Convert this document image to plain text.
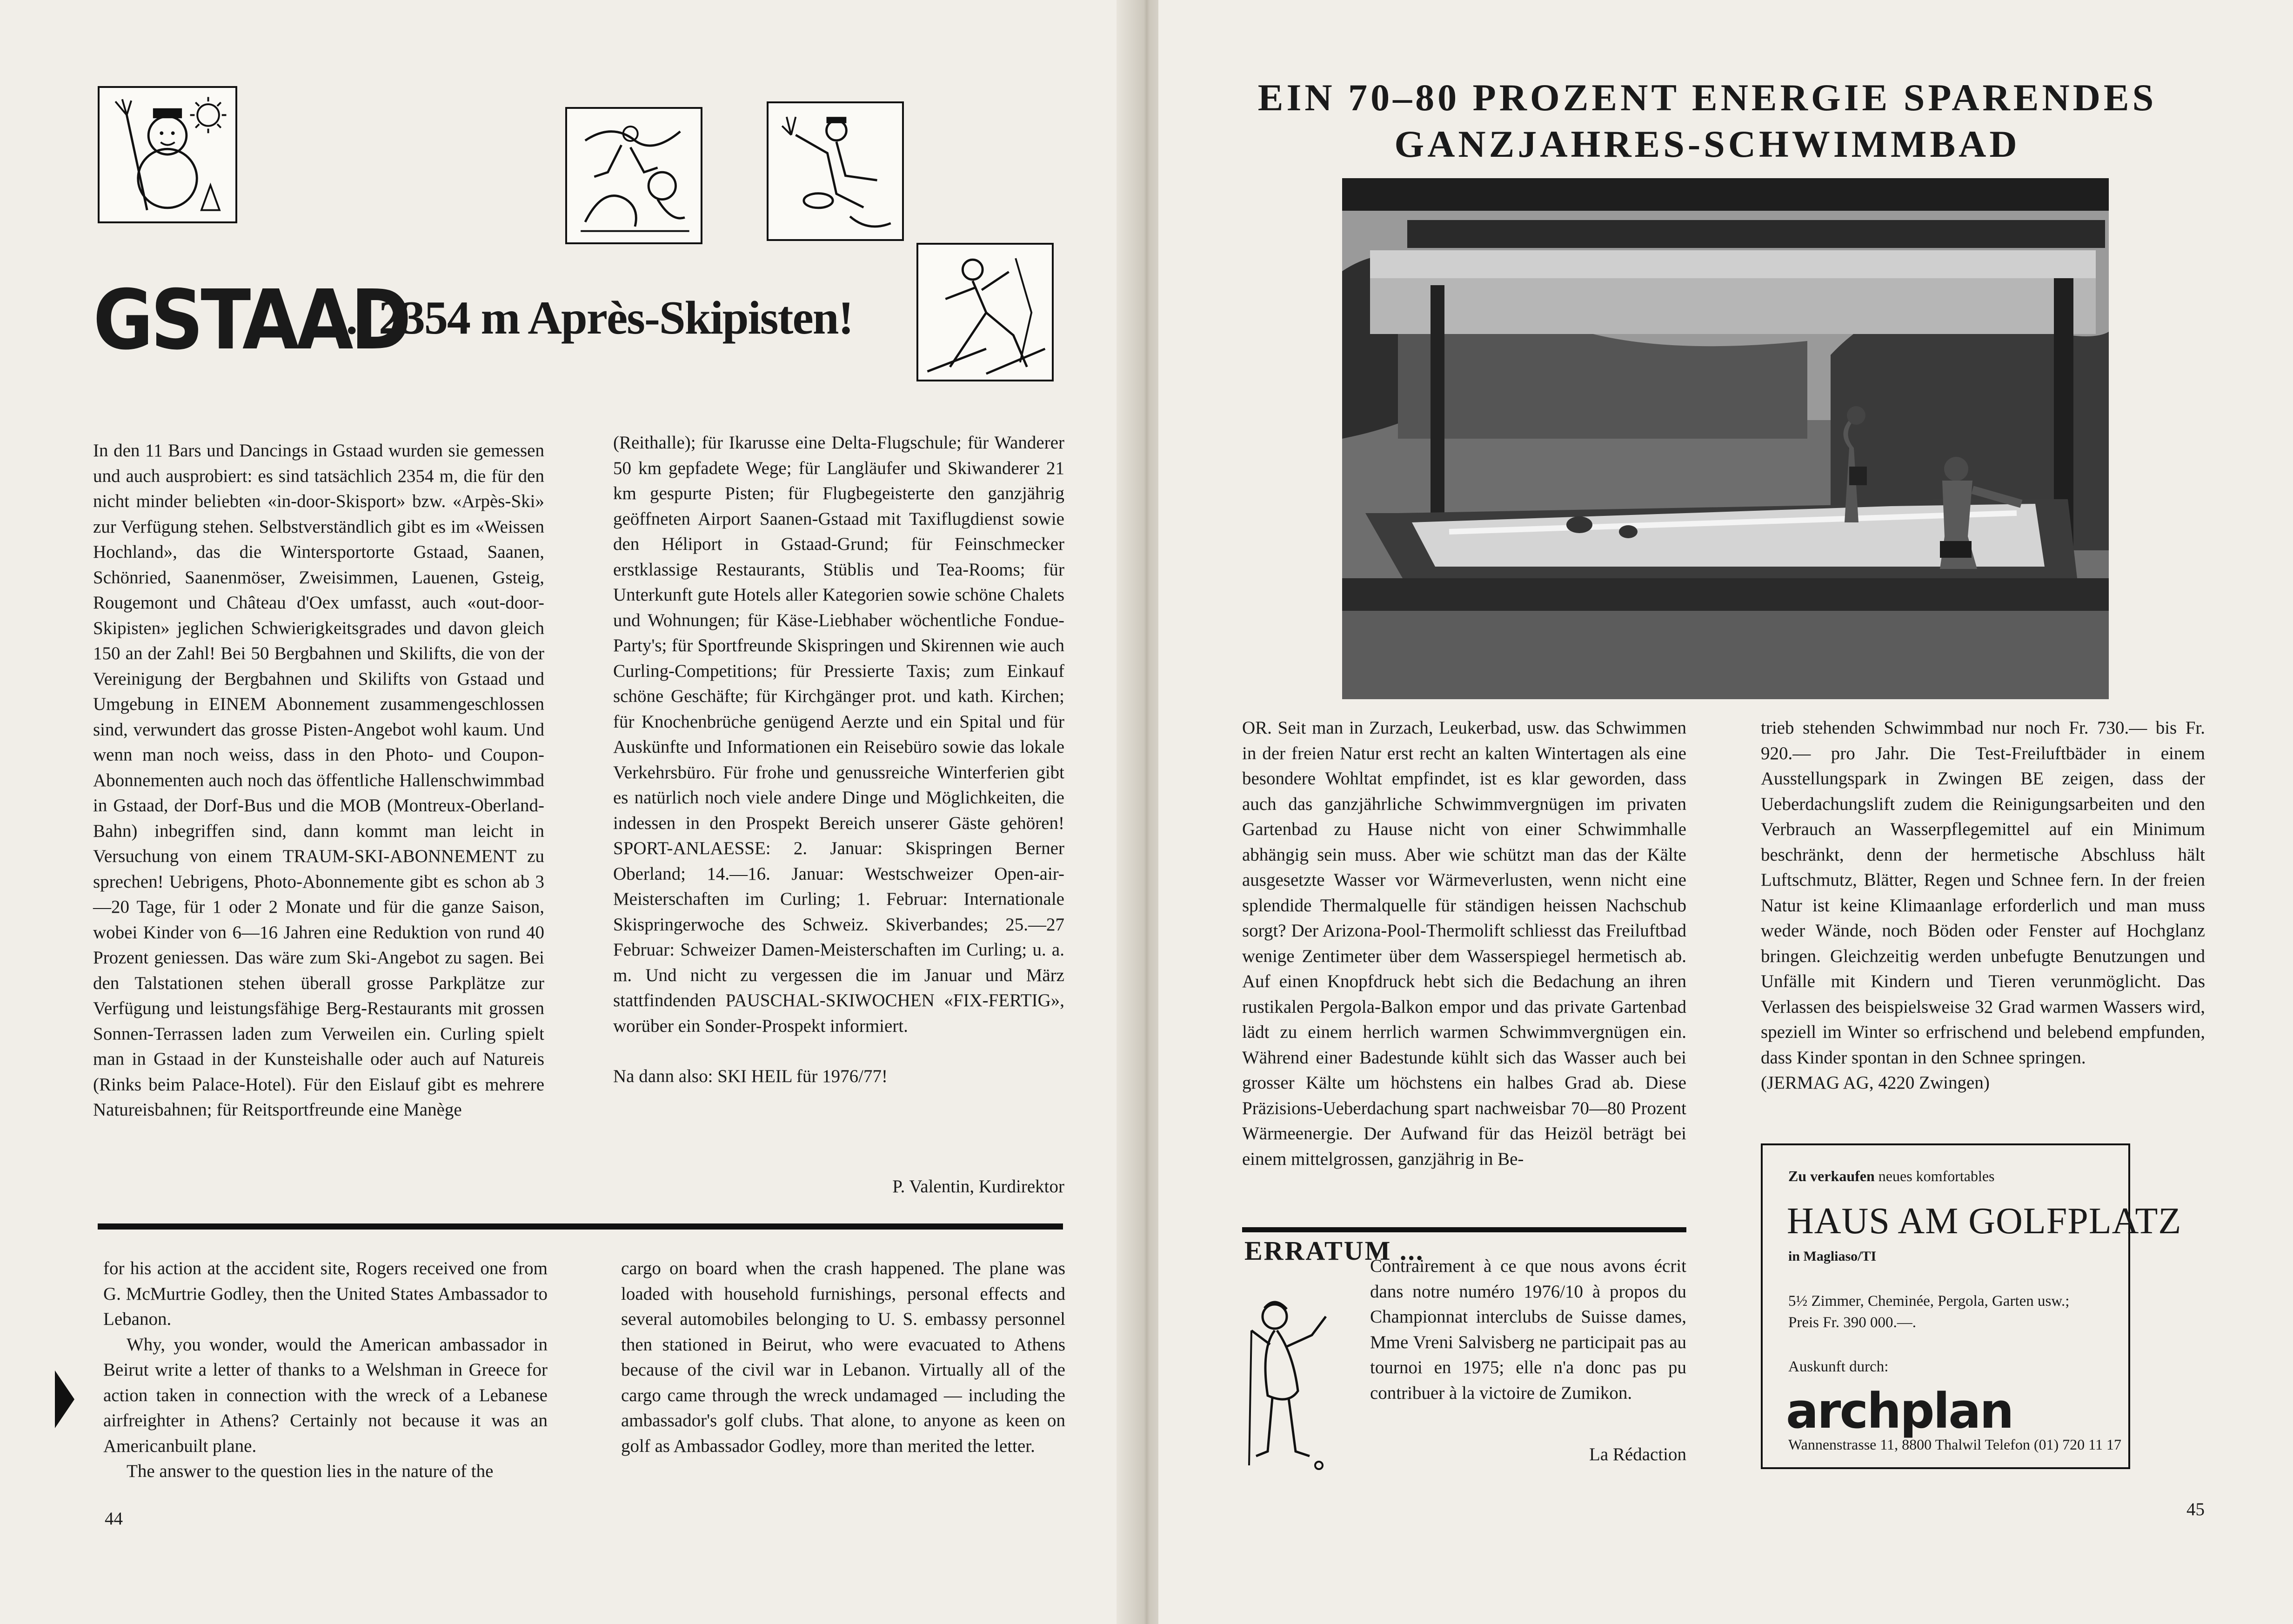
GSTAAD
... 2354 m Après-Skipisten!

In den 11 Bars und Dancings in Gstaad wurden sie gemessen und auch ausprobiert: es sind tatsächlich 2354 m, die für den nicht minder beliebten «in-door-Skisport» bzw. «Arpès-Ski» zur Verfügung stehen. Selbstverständlich gibt es im «Weissen Hochland», das die Wintersportorte Gstaad, Saanen, Schönried, Saanenmöser, Zweisimmen, Lauenen, Gsteig, Rougemont und Château d'Oex umfasst, auch «out-door-Skipisten» jeglichen Schwierigkeitsgrades und davon gleich 150 an der Zahl! Bei 50 Bergbahnen und Skilifts, die von der Vereinigung der Bergbahnen und Skilifts von Gstaad und Umgebung in EINEM Abonnement zusammengeschlossen sind, verwundert das grosse Pisten-Angebot wohl kaum. Und wenn man noch weiss, dass in den Photo- und Coupon-Abonnementen auch noch das öffentliche Hallenschwimmbad in Gstaad, der Dorf-Bus und die MOB (Montreux-Oberland-Bahn) inbegriffen sind, dann kommt man leicht in Versuchung von einem TRAUM-SKI-ABONNEMENT zu sprechen! Uebrigens, Photo-Abonnemente gibt es schon ab 3—20 Tage, für 1 oder 2 Monate und für die ganze Saison, wobei Kinder von 6—16 Jahren eine Reduktion von rund 40 Prozent geniessen. Das wäre zum Ski-Angebot zu sagen. Bei den Talstationen stehen überall grosse Parkplätze zur Verfügung und leistungsfähige Berg-Restaurants mit grossen Sonnen-Terrassen laden zum Verweilen ein. Curling spielt man in Gstaad in der Kunsteishalle oder auch auf Natureis (Rinks beim Palace-Hotel). Für den Eislauf gibt es mehrere Natureisbahnen; für Reitsportfreunde eine Manège

(Reithalle); für Ikarusse eine Delta-Flugschule; für Wanderer 50 km gepfadete Wege; für Langläufer und Skiwanderer 21 km gespurte Pisten; für Flugbegeisterte den ganzjährig geöffneten Airport Saanen-Gstaad mit Taxiflugdienst sowie den Héliport in Gstaad-Grund; für Feinschmecker erstklassige Restaurants, Stüblis und Tea-Rooms; für Unterkunft gute Hotels aller Kategorien sowie schöne Chalets und Wohnungen; für Käse-Liebhaber wöchentliche Fondue-Party's; für Sportfreunde Skispringen und Skirennen wie auch Curling-Competitions; für Pressierte Taxis; zum Einkauf schöne Geschäfte; für Kirchgänger prot. und kath. Kirchen; für Knochenbrüche genügend Aerzte und ein Spital und für Auskünfte und Informationen ein Reisebüro sowie das lokale Verkehrsbüro. Für frohe und genussreiche Winterferien gibt es natürlich noch viele andere Dinge und Möglichkeiten, die indessen in den Prospekt Bereich unserer Gäste gehören! SPORT-ANLAESSE: 2. Januar: Skispringen Berner Oberland; 14.—16. Januar: Westschweizer Open-air-Meisterschaften im Curling; 1. Februar: Internationale Skispringerwoche des Schweiz. Skiverbandes; 25.—27 Februar: Schweizer Damen-Meisterschaften im Curling; u. a. m. Und nicht zu vergessen die im Januar und März stattfindenden PAUSCHAL-SKIWOCHEN «FIX-FERTIG», worüber ein Sonder-Prospekt informiert.

Na dann also: SKI HEIL für 1976/77!

P. Valentin, Kurdirektor

for his action at the accident site, Rogers received one from G. McMurtrie Godley, then the United States Ambassador to Lebanon.

Why, you wonder, would the American ambassador in Beirut write a letter of thanks to a Welshman in Greece for action taken in connection with the wreck of a Lebanese airfreighter in Athens? Certainly not because it was an Americanbuilt plane.

The answer to the question lies in the nature of the

cargo on board when the crash happened. The plane was loaded with household furnishings, personal effects and several automobiles belonging to U. S. embassy personnel then stationed in Beirut, who were evacuated to Athens because of the civil war in Lebanon. Virtually all of the cargo came through the wreck undamaged — including the ambassador's golf clubs. That alone, to anyone as keen on golf as Ambassador Godley, more than merited the letter.

44
EIN 70–80 PROZENT ENERGIE SPARENDES
GANZJAHRES-SCHWIMMBAD

OR. Seit man in Zurzach, Leukerbad, usw. das Schwimmen in der freien Natur erst recht an kalten Wintertagen als eine besondere Wohltat empfindet, ist es klar geworden, dass auch das ganzjährliche Schwimmvergnügen im privaten Gartenbad zu Hause nicht von einer Schwimmhalle abhängig sein muss. Aber wie schützt man das der Kälte ausgesetzte Wasser vor Wärmeverlusten, wenn nicht eine splendide Thermalquelle für ständigen heissen Nachschub sorgt? Der Arizona-Pool-Thermolift schliesst das Freiluftbad wenige Zentimeter über dem Wasserspiegel hermetisch ab. Auf einen Knopfdruck hebt sich die Bedachung an ihren rustikalen Pergola-Balkon empor und das private Gartenbad lädt zu einem herrlich warmen Schwimmvergnügen ein. Während einer Badestunde kühlt sich das Wasser auch bei grosser Kälte um höchstens ein halbes Grad ab. Diese Präzisions-Ueberdachung spart nachweisbar 70—80 Prozent Wärmeenergie. Der Aufwand für das Heizöl beträgt bei einem mittelgrossen, ganzjährig in Be-

trieb stehenden Schwimmbad nur noch Fr. 730.— bis Fr. 920.— pro Jahr. Die Test-Freiluftbäder in einem Ausstellungspark in Zwingen BE zeigen, dass der Ueberdachungslift zudem die Reinigungsarbeiten und den Verbrauch an Wasserpflegemittel auf ein Minimum beschränkt, denn der hermetische Abschluss hält Luftschmutz, Blätter, Regen und Schnee fern. In der freien Natur ist keine Klimaanlage erforderlich und man muss weder Wände, noch Böden oder Fenster auf Hochglanz bringen. Gleichzeitig werden unbefugte Benutzungen und Unfälle mit Kindern und Tieren verunmöglicht. Das Verlassen des beispielsweise 32 Grad warmen Wassers wird, speziell im Winter so erfrischend und belebend empfunden, dass Kinder spontan in den Schnee springen.

(JERMAG AG, 4220 Zwingen)

ERRATUM ...

Contrairement à ce que nous avons écrit dans notre numéro 1976/10 à propos du Championnat interclubs de Suisse dames, Mme Vreni Salvisberg ne participait pas au tournoi en 1975; elle n'a donc pas pu contribuer à la victoire de Zumikon.

La Rédaction
Zu verkaufen neues komfortables
HAUS AM GOLFPLATZ
in Magliaso/TI
5½ Zimmer, Cheminée, Pergola, Garten usw.; Preis Fr. 390 000.—.
Auskunft durch:
archplan
Wannenstrasse 11, 8800 Thalwil Telefon (01) 720 11 17
45
